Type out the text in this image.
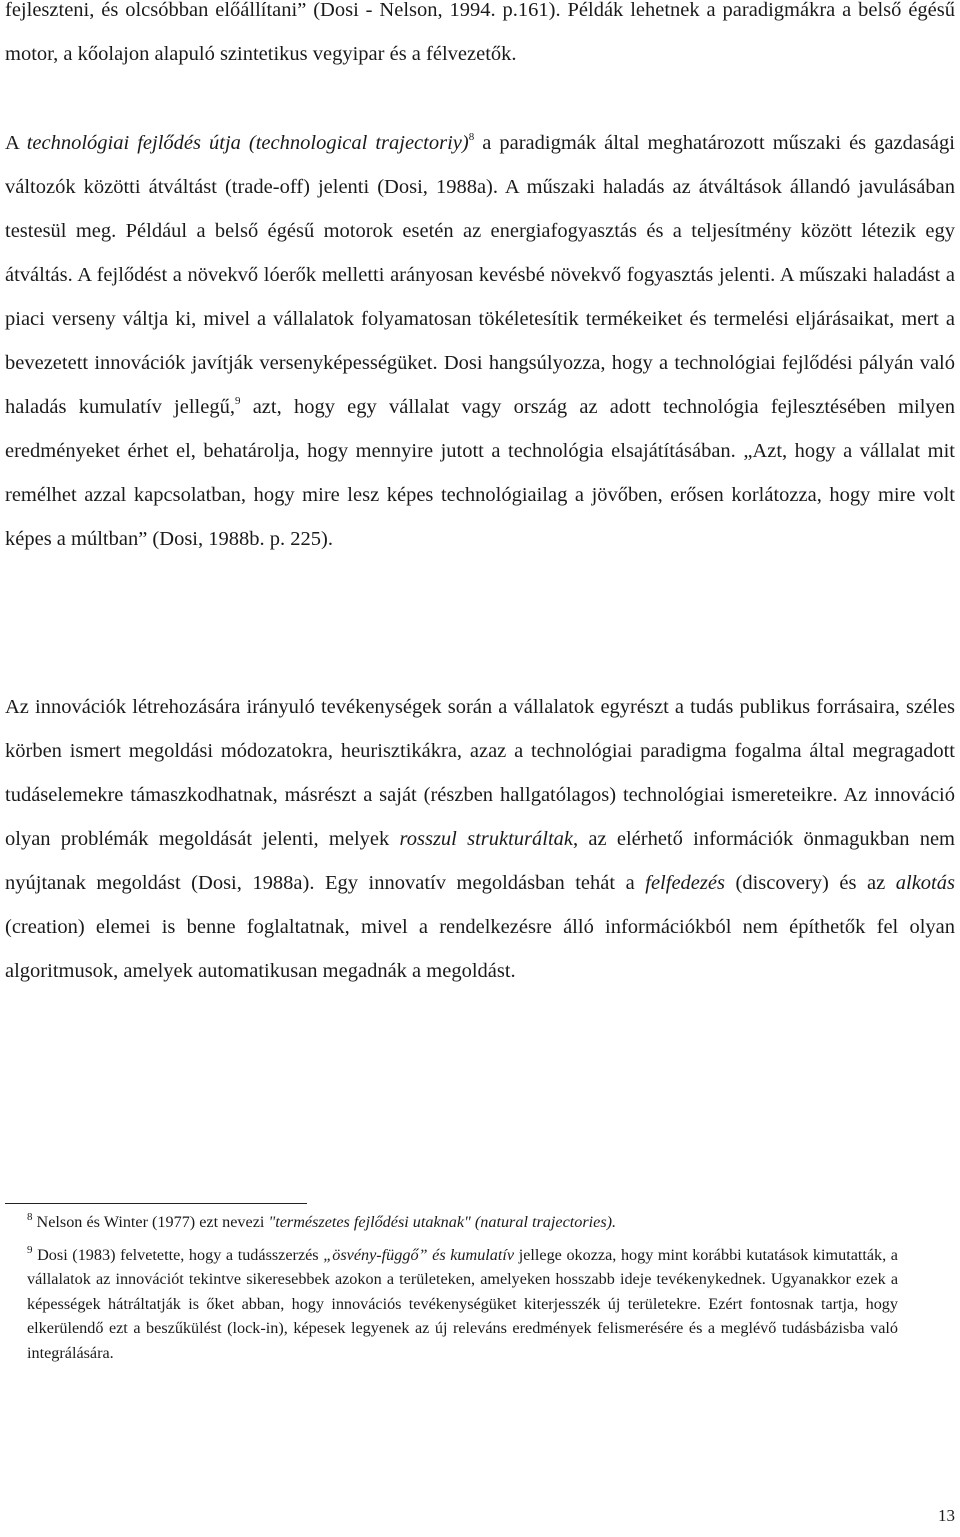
fejleszteni, és olcsóbban előállítani” (Dosi - Nelson, 1994. p.161). Példák lehetnek a paradigmákra a belső égésű motor, a kőolajon alapuló szintetikus vegyipar és a félvezetők.

A technológiai fejlődés útja (technological trajectoriy)$^8$ a paradigmák által meghatározott műszaki és gazdasági változók közötti átváltást (trade-off) jelenti (Dosi, 1988a). A műszaki haladás az átváltások állandó javulásában testesül meg. Például a belső égésű motorok esetén az energiafogyasztás és a teljesítmény között létezik egy átváltás. A fejlődést a növekvő lóerők melletti arányosan kevésbé növekvő fogyasztás jelenti. A műszaki haladást a piaci verseny váltja ki, mivel a vállalatok folyamatosan tökéletesítik termékeiket és termelési eljárásaikat, mert a bevezetett innovációk javítják versenyképességüket. Dosi hangsúlyozza, hogy a technológiai fejlődési pályán való haladás kumulatív jellegű,$^9$ azt, hogy egy vállalat vagy ország az adott technológia fejlesztésében milyen eredményeket érhet el, behatárolja, hogy mennyire jutott a technológia elsajátításában. „Azt, hogy a vállalat mit remélhet azzal kapcsolatban, hogy mire lesz képes technológiailag a jövőben, erősen korlátozza, hogy mire volt képes a múltban” (Dosi, 1988b. p. 225).

Az innovációk létrehozására irányuló tevékenységek során a vállalatok egyrészt a tudás publikus forrásaira, széles körben ismert megoldási módozatokra, heurisztikákra, azaz a technológiai paradigma fogalma által megragadott tudáselemekre támaszkodhatnak, másrészt a saját (részben hallgatólagos) technológiai ismereteikre. Az innováció olyan problémák megoldását jelenti, melyek rosszul strukturáltak, az elérhető információk önmagukban nem nyújtanak megoldást (Dosi, 1988a). Egy innovatív megoldásban tehát a felfedezés (discovery) és az alkotás (creation) elemei is benne foglaltatnak, mivel a rendelkezésre álló információkból nem építhetők fel olyan algoritmusok, amelyek automatikusan megadnák a megoldást.

$^8$ Nelson és Winter (1977) ezt nevezi "természetes fejlődési utaknak" (natural trajectories).

$^9$ Dosi (1983) felvetette, hogy a tudásszerzés „ösvény-függő” és kumulatív jellege okozza, hogy mint korábbi kutatások kimutatták, a vállalatok az innovációt tekintve sikeresebbek azokon a területeken, amelyeken hosszabb ideje tevékenykednek. Ugyanakkor ezek a képességek hátráltatják is őket abban, hogy innovációs tevékenységüket kiterjesszék új területekre. Ezért fontosnak tartja, hogy elkerülendő ezt a beszűkülést (lock-in), képesek legyenek az új releváns eredmények felismerésére és a meglévő tudásbázisba való integrálására.

13
